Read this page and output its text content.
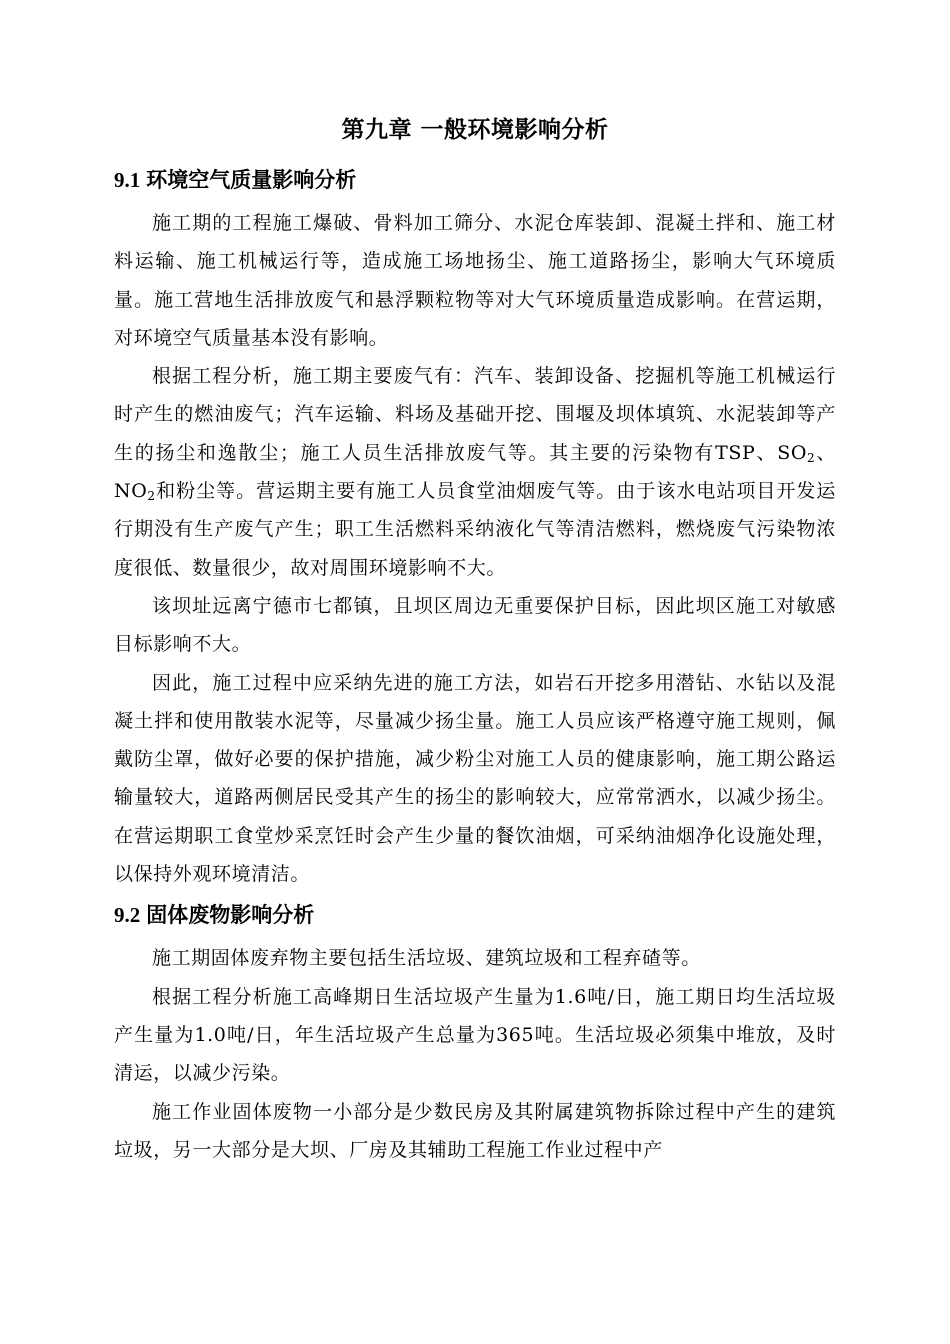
第九章 一般环境影响分析
9.1 环境空气质量影响分析

施工期的工程施工爆破、骨料加工筛分、水泥仓库装卸、混凝土拌和、施工材料运输、施工机械运行等，造成施工场地扬尘、施工道路扬尘，影响大气环境质量。施工营地生活排放废气和悬浮颗粒物等对大气环境质量造成影响。在营运期，对环境空气质量基本没有影响。

根据工程分析，施工期主要废气有：汽车、装卸设备、挖掘机等施工机械运行时产生的燃油废气；汽车运输、料场及基础开挖、围堰及坝体填筑、水泥装卸等产生的扬尘和逸散尘；施工人员生活排放废气等。其主要的污染物有TSP、$SO_2$、$NO_2$和粉尘等。营运期主要有施工人员食堂油烟废气等。由于该水电站项目开发运行期没有生产废气产生；职工生活燃料采纳液化气等清洁燃料，燃烧废气污染物浓度很低、数量很少，故对周围环境影响不大。

该坝址远离宁德市七都镇，且坝区周边无重要保护目标，因此坝区施工对敏感目标影响不大。

因此，施工过程中应采纳先进的施工方法，如岩石开挖多用潜钻、水钻以及混凝土拌和使用散装水泥等，尽量减少扬尘量。施工人员应该严格遵守施工规则，佩戴防尘罩，做好必要的保护措施，减少粉尘对施工人员的健康影响，施工期公路运输量较大，道路两侧居民受其产生的扬尘的影响较大，应常常洒水，以减少扬尘。在营运期职工食堂炒采烹饪时会产生少量的餐饮油烟，可采纳油烟净化设施处理，以保持外观环境清洁。

9.2 固体废物影响分析

施工期固体废弃物主要包括生活垃圾、建筑垃圾和工程弃碴等。

根据工程分析施工高峰期日生活垃圾产生量为1.6吨/日，施工期日均生活垃圾产生量为1.0吨/日，年生活垃圾产生总量为365吨。生活垃圾必须集中堆放，及时清运，以减少污染。

施工作业固体废物一小部分是少数民房及其附属建筑物拆除过程中产生的建筑垃圾，另一大部分是大坝、厂房及其辅助工程施工作业过程中产
